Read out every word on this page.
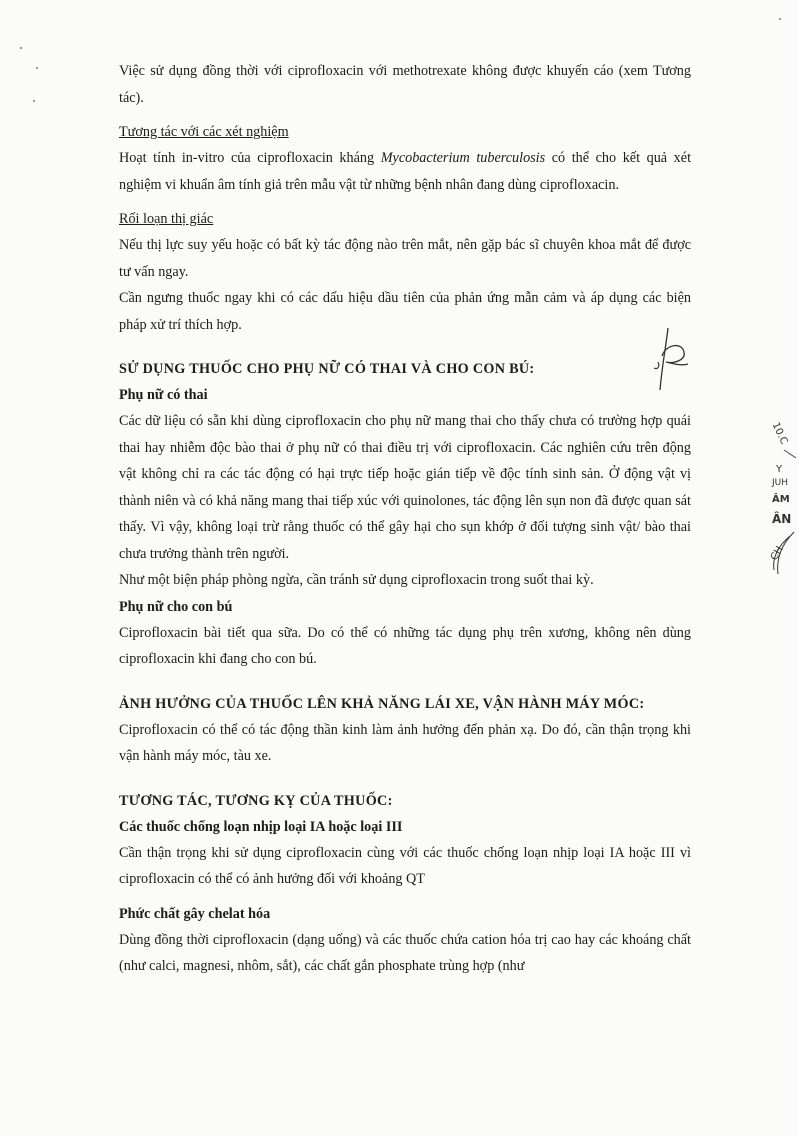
Việc sử dụng đồng thời với ciprofloxacin với methotrexate không được khuyến cáo (xem Tương tác).

Tương tác với các xét nghiệm

Hoạt tính in-vitro của ciprofloxacin kháng Mycobacterium tuberculosis có thể cho kết quả xét nghiệm vi khuẩn âm tính giả trên mẫu vật từ những bệnh nhân đang dùng ciprofloxacin.

Rối loạn thị giác

Nếu thị lực suy yếu hoặc có bất kỳ tác động nào trên mắt, nên gặp bác sĩ chuyên khoa mắt để được tư vấn ngay.

Cần ngưng thuốc ngay khi có các dấu hiệu dầu tiên của phản ứng mẫn cảm và áp dụng các biện pháp xử trí thích hợp.

SỬ DỤNG THUỐC CHO PHỤ NỮ CÓ THAI VÀ CHO CON BÚ:
Phụ nữ có thai

Các dữ liệu có sẵn khi dùng ciprofloxacin cho phụ nữ mang thai cho thấy chưa có trường hợp quái thai hay nhiễm độc bào thai ở phụ nữ có thai điều trị với ciprofloxacin. Các nghiên cứu trên động vật không chỉ ra các tác động có hại trực tiếp hoặc gián tiếp về độc tính sinh sản. Ở động vật vị thành niên và có khả năng mang thai tiếp xúc với quinolones, tác động lên sụn non đã được quan sát thấy. Vì vậy, không loại trừ rằng thuốc có thể gây hại cho sụn khớp ở đối tượng sinh vật/ bào thai chưa trưởng thành trên người.

Như một biện pháp phòng ngừa, cần tránh sử dụng ciprofloxacin trong suốt thai kỳ.

Phụ nữ cho con bú

Ciprofloxacin bài tiết qua sữa. Do có thể có những tác dụng phụ trên xương, không nên dùng ciprofloxacin khi đang cho con bú.

ẢNH HƯỞNG CỦA THUỐC LÊN KHẢ NĂNG LÁI XE, VẬN HÀNH MÁY MÓC:

Ciprofloxacin có thể có tác động thần kinh làm ảnh hưởng đến phản xạ. Do đó, cần thận trọng khi vận hành máy móc, tàu xe.

TƯƠNG TÁC, TƯƠNG KỴ CỦA THUỐC:
Các thuốc chống loạn nhịp loại IA hoặc loại III

Cần thận trọng khi sử dụng ciprofloxacin cùng với các thuốc chống loạn nhịp loại IA hoặc III vì ciprofloxacin có thể có ảnh hưởng đối với khoảng QT

Phức chất gây chelat hóa

Dùng đồng thời ciprofloxacin (dạng uống) và các thuốc chứa cation hóa trị cao hay các khoáng chất (như calci, magnesi, nhôm, sắt), các chất gắn phosphate trùng hợp (như

10.C
Y
JUH
ÂM
ÂN
CH
